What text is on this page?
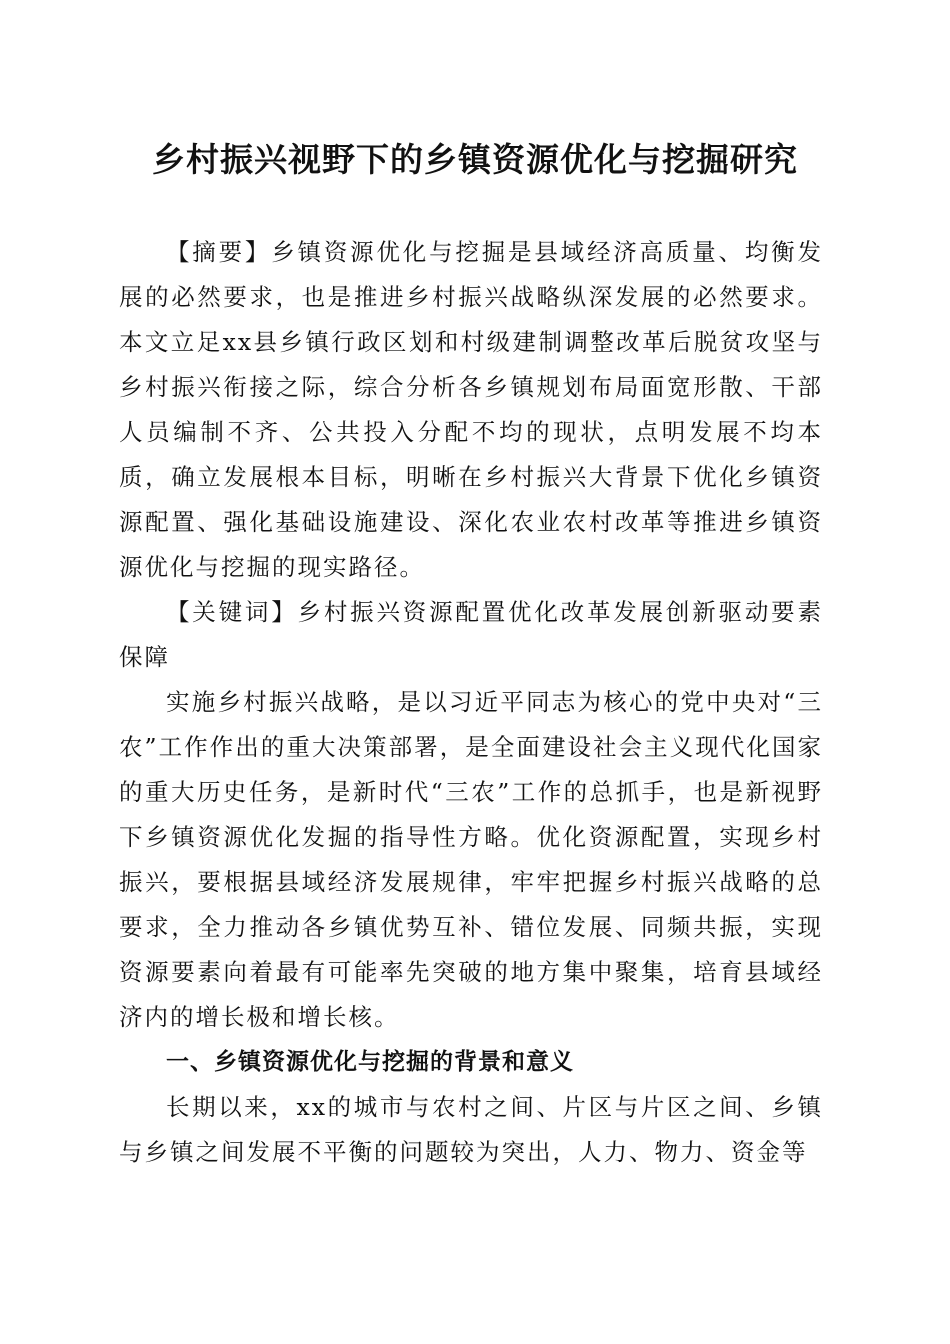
乡村振兴视野下的乡镇资源优化与挖掘研究

【摘要】乡镇资源优化与挖掘是县域经济高质量、均衡发展的必然要求，也是推进乡村振兴战略纵深发展的必然要求。本文立足xx县乡镇行政区划和村级建制调整改革后脱贫攻坚与乡村振兴衔接之际，综合分析各乡镇规划布局面宽形散、干部人员编制不齐、公共投入分配不均的现状，点明发展不均本质，确立发展根本目标，明晰在乡村振兴大背景下优化乡镇资源配置、强化基础设施建设、深化农业农村改革等推进乡镇资源优化与挖掘的现实路径。

【关键词】乡村振兴资源配置优化改革发展创新驱动要素保障

实施乡村振兴战略，是以习近平同志为核心的党中央对“三农”工作作出的重大决策部署，是全面建设社会主义现代化国家的重大历史任务，是新时代“三农”工作的总抓手，也是新视野下乡镇资源优化发掘的指导性方略。优化资源配置，实现乡村振兴，要根据县域经济发展规律，牢牢把握乡村振兴战略的总要求，全力推动各乡镇优势互补、错位发展、同频共振，实现资源要素向着最有可能率先突破的地方集中聚集，培育县域经济内的增长极和增长核。

一、乡镇资源优化与挖掘的背景和意义

长期以来，xx的城市与农村之间、片区与片区之间、乡镇与乡镇之间发展不平衡的问题较为突出，人力、物力、资金等
